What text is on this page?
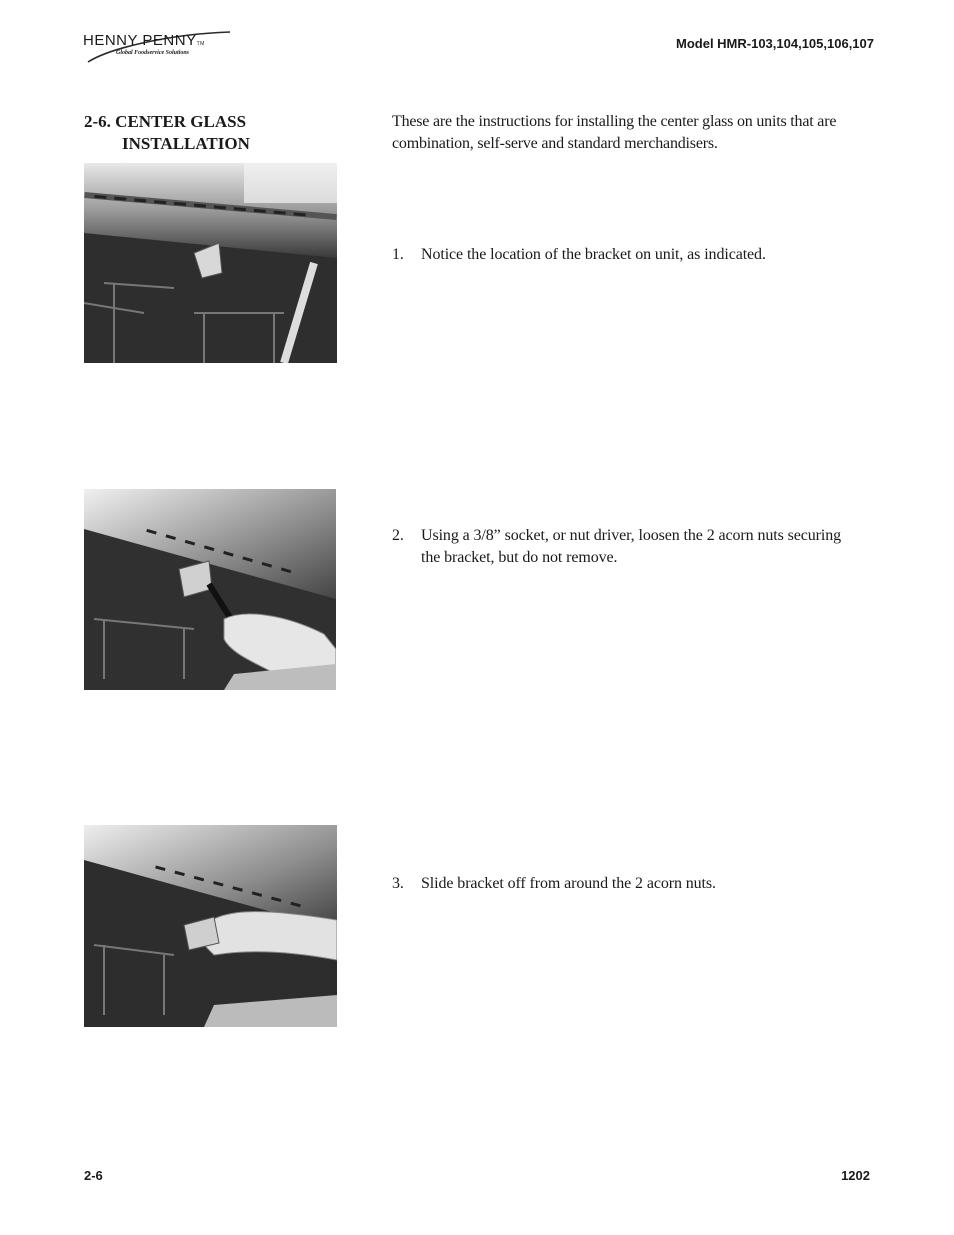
HENNY PENNYTM
Global Foodservice Solutions
Model HMR-103,104,105,106,107
2-6. CENTER GLASS
INSTALLATION
These are the instructions for installing the center glass on units that are combination, self-serve and standard merchandisers.
1.	Notice the location of the bracket on unit, as indicated.
2.	Using a 3/8” socket, or nut driver, loosen the 2 acorn nuts securing the bracket, but do not remove.
3.	Slide bracket off from around the 2 acorn nuts.
2-6	1202
